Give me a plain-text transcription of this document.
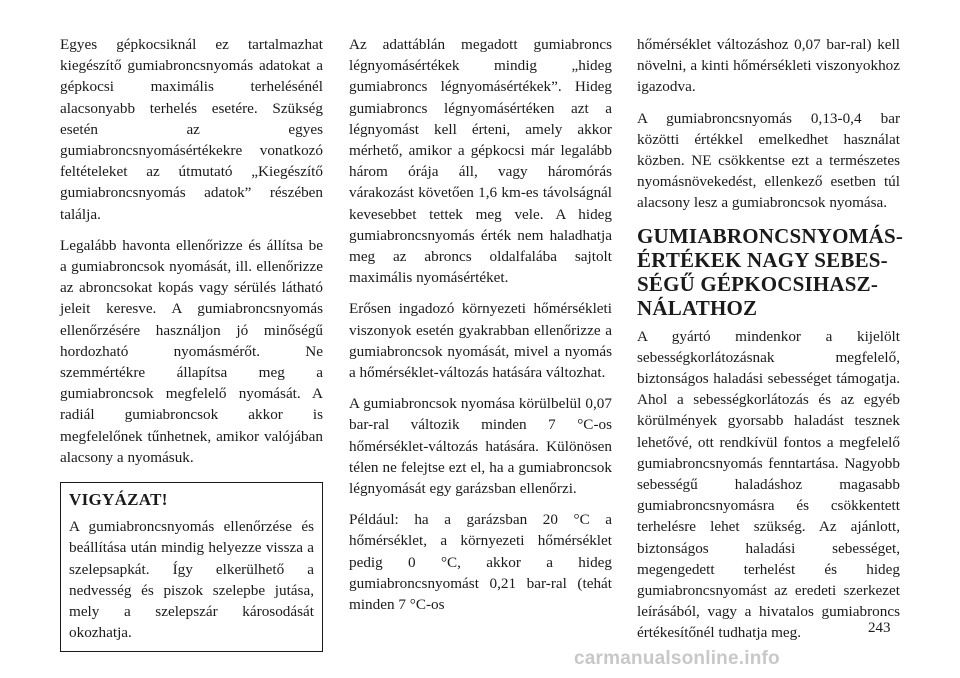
Egyes gépkocsiknál ez tartalmazhat kiegészítő gumiabroncsnyomás adatokat a gépkocsi maximális terhelésénél alacsonyabb terhelés esetére. Szükség esetén az egyes gumiabroncsnyomásértékekre vonatkozó feltételeket az útmutató „Kiegészítő gumiabroncsnyomás adatok” részében találja.

Legalább havonta ellenőrizze és állítsa be a gumiabroncsok nyomását, ill. ellenőrizze az abroncsokat kopás vagy sérülés látható jeleit keresve. A gumiabroncsnyomás ellenőrzésére használjon jó minőségű hordozható nyomásmérőt. Ne szemmértékre állapítsa meg a gumiabroncsok megfelelő nyomását. A radiál gumiabroncsok akkor is megfelelőnek tűnhetnek, amikor valójában alacsony a nyomásuk.

VIGYÁZAT!

A gumiabroncsnyomás ellenőrzése és beállítása után mindig helyezze vissza a szelepsapkát. Így elkerülhető a nedvesség és piszok szelepbe jutása, mely a szelepszár károsodását okozhatja.

Az adattáblán megadott gumiabroncs légnyomásértékek mindig „hideg gumiabroncs légnyomásértékek”. Hideg gumiabroncs légnyomásértéken azt a légnyomást kell érteni, amely akkor mérhető, amikor a gépkocsi már legalább három órája áll, vagy háromórás várakozást követően 1,6 km-es távolságnál kevesebbet tettek meg vele. A hideg gumiabroncsnyomás érték nem haladhatja meg az abroncs oldalfalába sajtolt maximális nyomásértéket.

Erősen ingadozó környezeti hőmérsékleti viszonyok esetén gyakrabban ellenőrizze a gumiabroncsok nyomását, mivel a nyomás a hőmérséklet-változás hatására változhat.

A gumiabroncsok nyomása körülbelül 0,07 bar-ral változik minden 7 °C-os hőmérséklet-változás hatására. Különösen télen ne felejtse ezt el, ha a gumiabroncsok légnyomását egy garázsban ellenőrzi.

Például: ha a garázsban 20 °C a hőmérséklet, a környezeti hőmérséklet pedig 0 °C, akkor a hideg gumiabroncsnyomást 0,21 bar-ral (tehát minden 7 °C-os

hőmérséklet változáshoz 0,07 bar-ral) kell növelni, a kinti hőmérsékleti viszonyokhoz igazodva.

A gumiabroncsnyomás 0,13-0,4 bar közötti értékkel emelkedhet használat közben. NE csökkentse ezt a természetes nyomásnövekedést, ellenkező esetben túl alacsony lesz a gumiabroncsok nyomása.

GUMIABRONCSNYOMÁS-
ÉRTÉKEK NAGY SEBES-
SÉGŰ GÉPKOCSIHASZ-
NÁLATHOZ

A gyártó mindenkor a kijelölt sebességkorlátozásnak megfelelő, biztonságos haladási sebességet támogatja. Ahol a sebességkorlátozás és az egyéb körülmények gyorsabb haladást tesznek lehetővé, ott rendkívül fontos a megfelelő gumiabroncsnyomás fenntartása. Nagyobb sebességű haladáshoz magasabb gumiabroncsnyomásra és csökkentett terhelésre lehet szükség. Az ajánlott, biztonságos haladási sebességet, megengedett terhelést és hideg gumiabroncsnyomást az eredeti szerkezet leírásából, vagy a hivatalos gumiabroncs értékesítőnél tudhatja meg.	243
carmanualsonline.info
